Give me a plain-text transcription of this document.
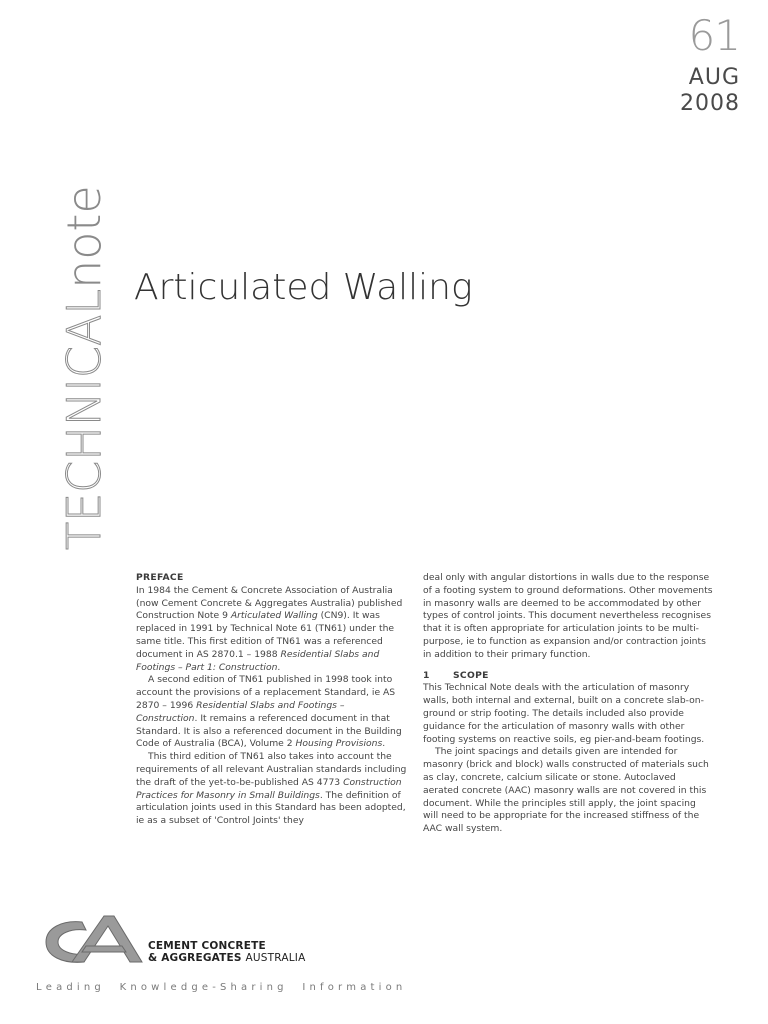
61
AUG
2008
TECHNICALnote Articulated Walling
PREFACE

In 1984 the Cement & Concrete Association of Australia (now Cement Concrete & Aggregates Australia) published Construction Note 9 Articulated Walling (CN9). It was replaced in 1991 by Technical Note 61 (TN61) under the same title. This first edition of TN61 was a referenced document in AS 2870.1 – 1988 Residential Slabs and Footings – Part 1: Construction.

A second edition of TN61 published in 1998 took into account the provisions of a replacement Standard, ie AS 2870 – 1996 Residential Slabs and Footings – Construction. It remains a referenced document in that Standard. It is also a referenced document in the Building Code of Australia (BCA), Volume 2 Housing Provisions.

This third edition of TN61 also takes into account the requirements of all relevant Australian standards including the draft of the yet-to-be-published AS 4773 Construction Practices for Masonry in Small Buildings. The definition of articulation joints used in this Standard has been adopted, ie as a subset of 'Control Joints' they

deal only with angular distortions in walls due to the response of a footing system to ground deformations. Other movements in masonry walls are deemed to be accommodated by other types of control joints. This document nevertheless recognises that it is often appropriate for articulation joints to be multi-purpose, ie to function as expansion and/or contraction joints in addition to their primary function.

1	SCOPE

This Technical Note deals with the articulation of masonry walls, both internal and external, built on a concrete slab-on-ground or strip footing. The details included also provide guidance for the articulation of masonry walls with other footing systems on reactive soils, eg pier-and-beam footings.

The joint spacings and details given are intended for masonry (brick and block) walls constructed of materials such as clay, concrete, calcium silicate or stone. Autoclaved aerated concrete (AAC) masonry walls are not covered in this document. While the principles still apply, the joint spacing will need to be appropriate for the increased stiffness of the AAC wall system.

CEMENT CONCRETE
& AGGREGATES AUSTRALIA
L e a d i n g     K n o w l e d g e - S h a r i n g     I n f o r m a t i o n
